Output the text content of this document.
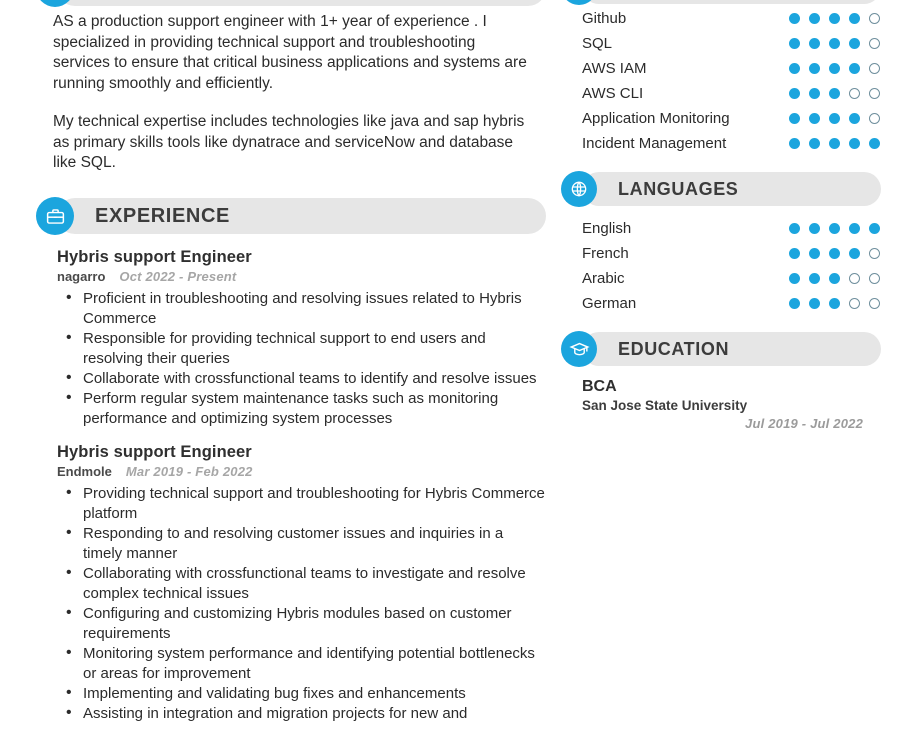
AS a production support engineer with 1+ year of experience . I specialized in providing technical support and troubleshooting services to ensure that critical business applications and systems are running smoothly and efficiently.

My technical expertise includes technologies like java and sap hybris as primary skills tools like dynatrace and serviceNow and database like SQL.

EXPERIENCE
Hybris support Engineer
nagarro Oct 2022 - Present
• Proficient in troubleshooting and resolving issues related to Hybris Commerce
• Responsible for providing technical support to end users and resolving their queries
• Collaborate with crossfunctional teams to identify and resolve issues
• Perform regular system maintenance tasks such as monitoring performance and optimizing system processes
Hybris support Engineer
Endmole Mar 2019 - Feb 2022
• Providing technical support and troubleshooting for Hybris Commerce platform
• Responding to and resolving customer issues and inquiries in a timely manner
• Collaborating with crossfunctional teams to investigate and resolve complex technical issues
• Configuring and customizing Hybris modules based on customer requirements
• Monitoring system performance and identifying potential bottlenecks or areas for improvement
• Implementing and validating bug fixes and enhancements
• Assisting in integration and migration projects for new and
Github
SQL
AWS IAM
AWS CLI
Application Monitoring
Incident Management
LANGUAGES
English
French
Arabic
German
EDUCATION
BCA
San Jose State University
Jul 2019 - Jul 2022
